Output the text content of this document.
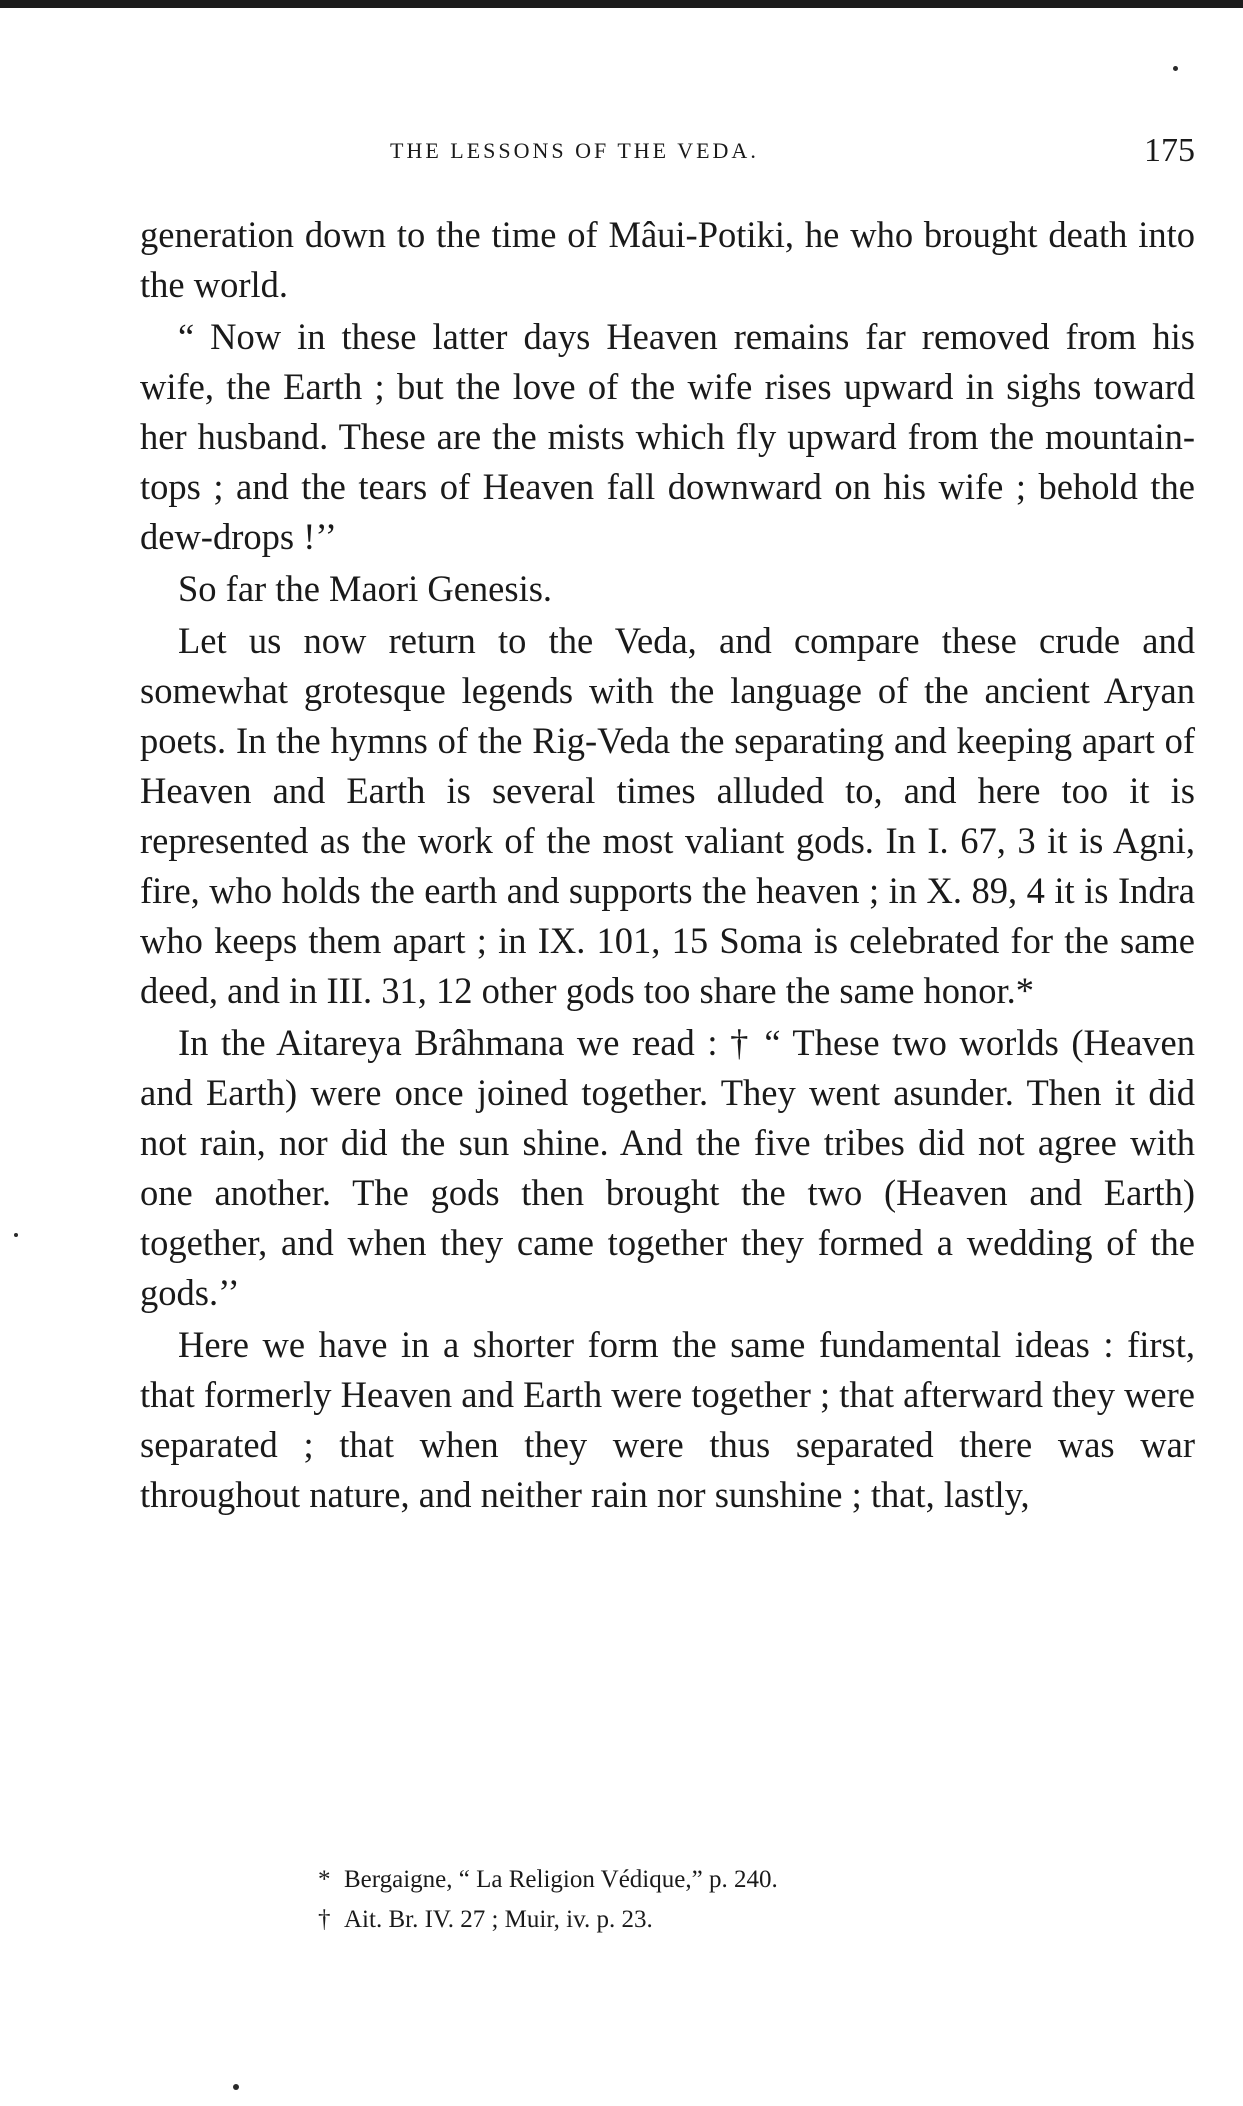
THE LESSONS OF THE VEDA.	175

generation down to the time of Mâui-Potiki, he who brought death into the world.

“ Now in these latter days Heaven remains far removed from his wife, the Earth ; but the love of the wife rises upward in sighs toward her husband. These are the mists which fly upward from the mountain-tops ; and the tears of Heaven fall downward on his wife ; behold the dew-drops !’’

So far the Maori Genesis.

Let us now return to the Veda, and compare these crude and somewhat grotesque legends with the language of the ancient Aryan poets. In the hymns of the Rig-Veda the separating and keeping apart of Heaven and Earth is several times alluded to, and here too it is represented as the work of the most valiant gods. In I. 67, 3 it is Agni, fire, who holds the earth and supports the heaven ; in X. 89, 4 it is Indra who keeps them apart ; in IX. 101, 15 Soma is celebrated for the same deed, and in III. 31, 12 other gods too share the same honor.*

In the Aitareya Brâhmana we read : † “ These two worlds (Heaven and Earth) were once joined together. They went asunder. Then it did not rain, nor did the sun shine. And the five tribes did not agree with one another. The gods then brought the two (Heaven and Earth) together, and when they came together they formed a wedding of the gods.’’

Here we have in a shorter form the same fundamental ideas : first, that formerly Heaven and Earth were together ; that afterward they were separated ; that when they were thus separated there was war throughout nature, and neither rain nor sunshine ; that, lastly,

* Bergaigne, “ La Religion Védique,” p. 240.
† Ait. Br. IV. 27 ; Muir, iv. p. 23.
